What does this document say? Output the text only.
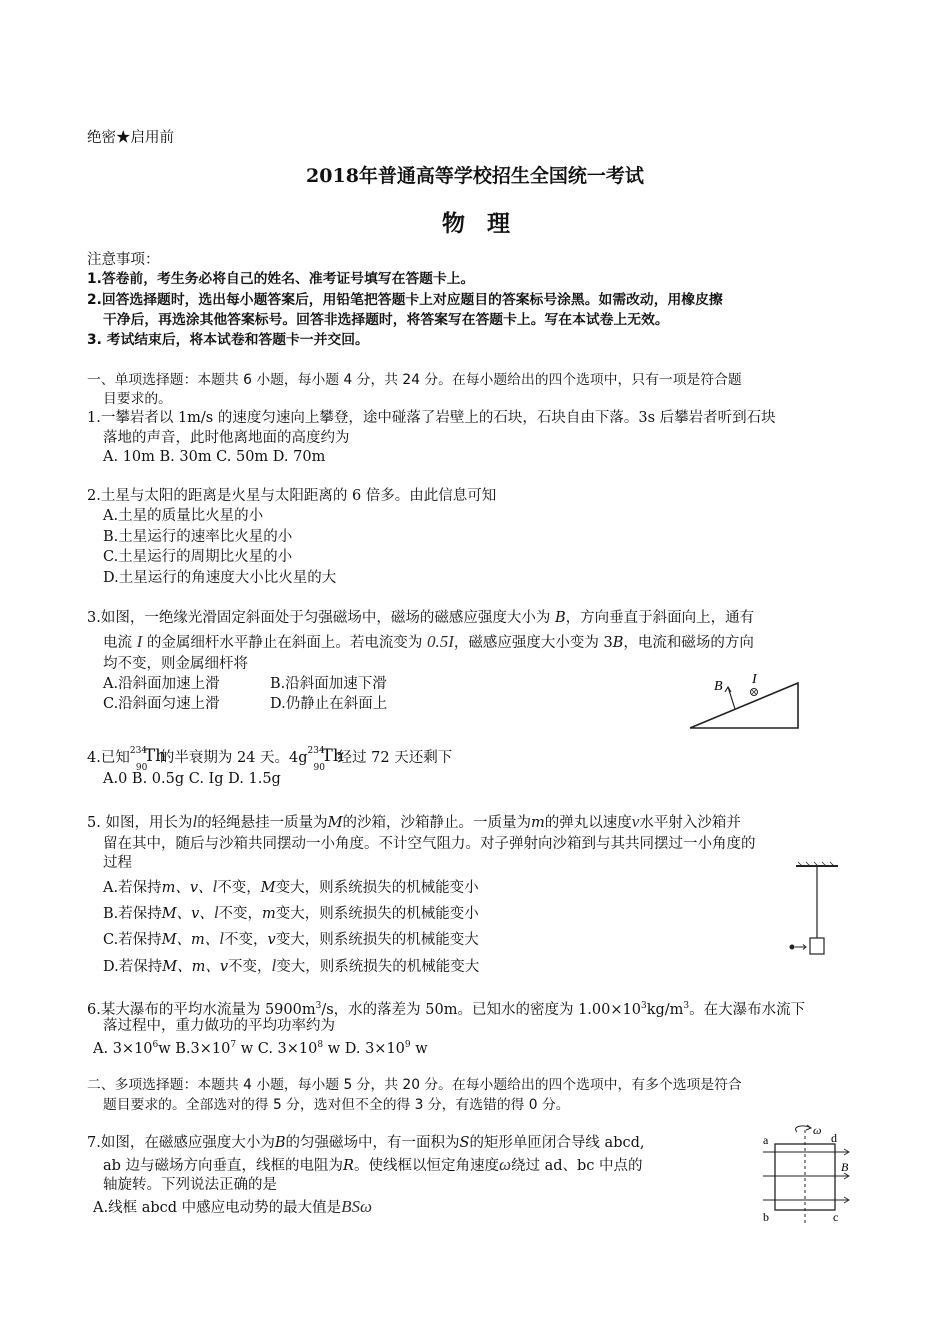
绝密★启用前
2018年普通高等学校招生全国统一考试
物理
注意事项：
1.答卷前，考生务必将自己的姓名、准考证号填写在答题卡上。
2.回答选择题时，选出每小题答案后，用铅笔把答题卡上对应题目的答案标号涂黑。如需改动，用橡皮擦
干净后，再选涂其他答案标号。回答非选择题时，将答案写在答题卡上。写在本试卷上无效。
3. 考试结束后，将本试卷和答题卡一并交回。
一、单项选择题：本题共 6 小题，每小题 4 分，共 24 分。在每小题给出的四个选项中，只有一项是符合题
目要求的。
1.一攀岩者以 1m/s 的速度匀速向上攀登，途中碰落了岩壁上的石块，石块自由下落。3s 后攀岩者听到石块
落地的声音，此时他离地面的高度约为
A. 10m B. 30m C. 50m D. 70m
2.土星与太阳的距离是火星与太阳距离的 6 倍多。由此信息可知
A.土星的质量比火星的小
B.土星运行的速率比火星的小
C.土星运行的周期比火星的小
D.土星运行的角速度大小比火星的大
3.如图，一绝缘光滑固定斜面处于匀强磁场中，磁场的磁感应强度大小为 B，方向垂直于斜面向上，通有
电流 I 的金属细杆水平静止在斜面上。若电流变为 0.5I，磁感应强度大小变为 3B，电流和磁场的方向
均不变，则金属细杆将
A.沿斜面加速上滑	B.沿斜面加速下滑
C.沿斜面匀速上滑	D.仍静止在斜面上
B I
4.已知 234
90
Th
的半衰期为 24 天。4g 234
90
Th
经过 72 天还剩下
A.0 B. 0.5g C. Ig D. 1.5g
5. 如图，用长为l的轻绳悬挂一质量为M的沙箱，沙箱静止。一质量为m的弹丸以速度v水平射入沙箱并
留在其中，随后与沙箱共同摆动一小角度。不计空气阻力。对子弹射向沙箱到与其共同摆过一小角度的
过程
A.若保持m、v、l不变，M变大，则系统损失的机械能变小
B.若保持M、v、l不变，m变大，则系统损失的机械能变小
C.若保持M、m、l不变，v变大，则系统损失的机械能变大
D.若保持M、m、v不变，l变大，则系统损失的机械能变大
6.某大瀑布的平均水流量为 $5900m^3/s$，水的落差为 50m。已知水的密度为 $1.00\times 10^3kg/m^3$。在大瀑布水流下
落过程中，重力做功的平均功率约为
A. $3\times 10^6w$ $B.3\times 10^7$ w C. $3\times 10^8$ w D. $3\times 10^9$ w
二、多项选择题：本题共 4 小题，每小题 5 分，共 20 分。在每小题给出的四个选项中，有多个选项是符合
题目要求的。全部选对的得 5 分，选对但不全的得 3 分，有选错的得 0 分。
7.如图，在磁感应强度大小为B的匀强磁场中，有一面积为S的矩形单匝闭合导线 abcd,
ab 边与磁场方向垂直，线框的电阻为R。使线框以恒定角速度ω绕过 ad、bc 中点的
轴旋转。下列说法正确的是
A.线框 abcd 中感应电动势的最大值是BSω
ω
a	d
b	c
B
